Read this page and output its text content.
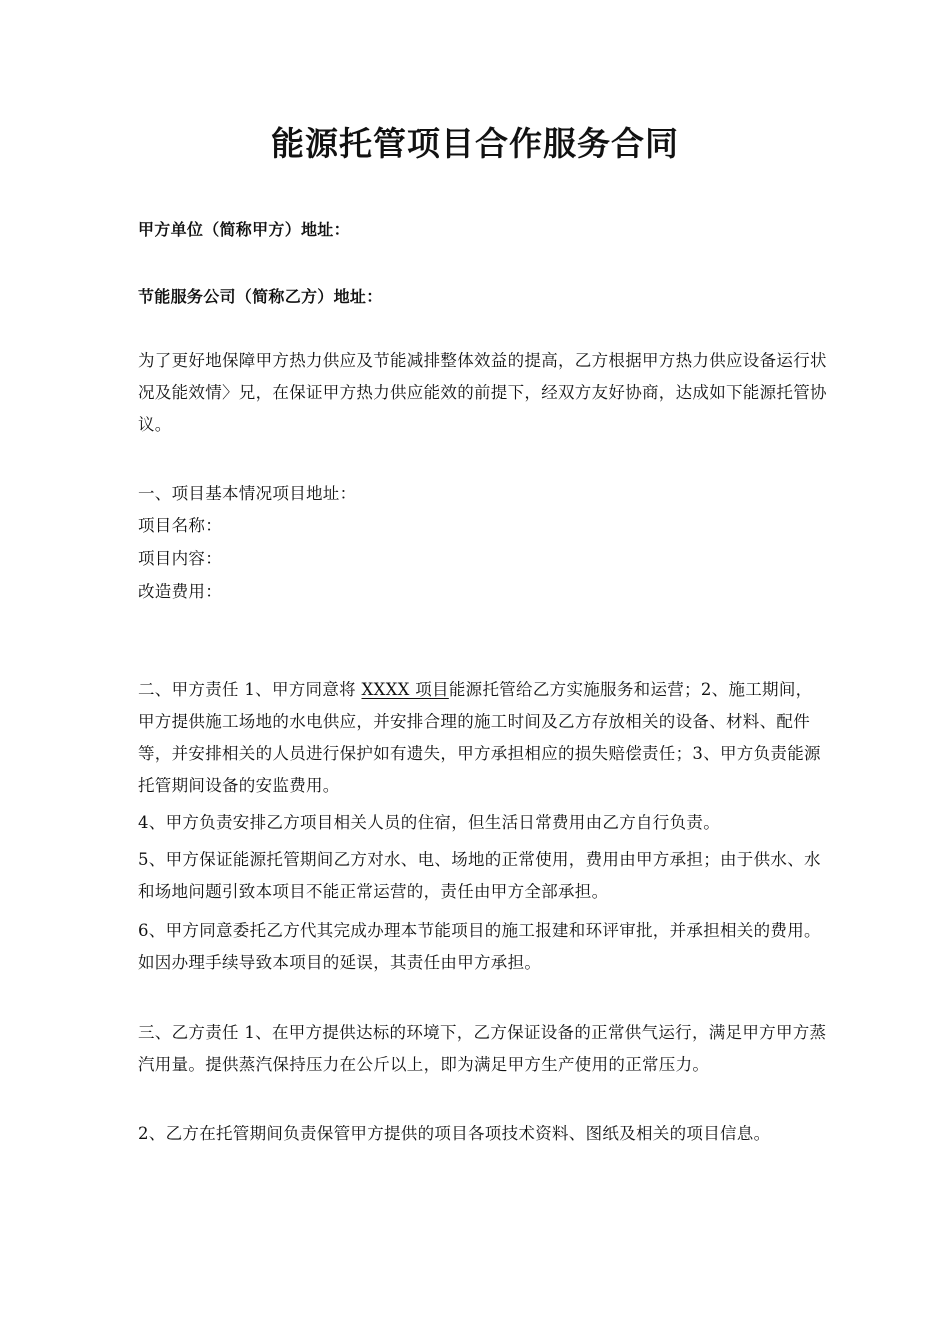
能源托管项目合作服务合同
甲方单位（简称甲方）地址：
节能服务公司（简称乙方）地址：
为了更好地保障甲方热力供应及节能减排整体效益的提高，乙方根据甲方热力供应设备运行状况及能效情〉兄，在保证甲方热力供应能效的前提下，经双方友好协商，达成如下能源托管协议。
一、项目基本情况项目地址：
项目名称：
项目内容：
改造费用：
二、甲方责任 1、甲方同意将 XXXX 项目能源托管给乙方实施服务和运营；2、施工期间，甲方提供施工场地的水电供应，并安排合理的施工时间及乙方存放相关的设备、材料、配件等，并安排相关的人员进行保护如有遗失，甲方承担相应的损失赔偿责任；3、甲方负责能源托管期间设备的安监费用。
4、甲方负责安排乙方项目相关人员的住宿，但生活日常费用由乙方自行负责。
5、甲方保证能源托管期间乙方对水、电、场地的正常使用，费用由甲方承担；由于供水、水和场地问题引致本项目不能正常运营的，责任由甲方全部承担。
6、甲方同意委托乙方代其完成办理本节能项目的施工报建和环评审批，并承担相关的费用。如因办理手续导致本项目的延误，其责任由甲方承担。
三、乙方责任 1、在甲方提供达标的环境下，乙方保证设备的正常供气运行，满足甲方甲方蒸汽用量。提供蒸汽保持压力在公斤以上，即为满足甲方生产使用的正常压力。
2、乙方在托管期间负责保管甲方提供的项目各项技术资料、图纸及相关的项目信息。
